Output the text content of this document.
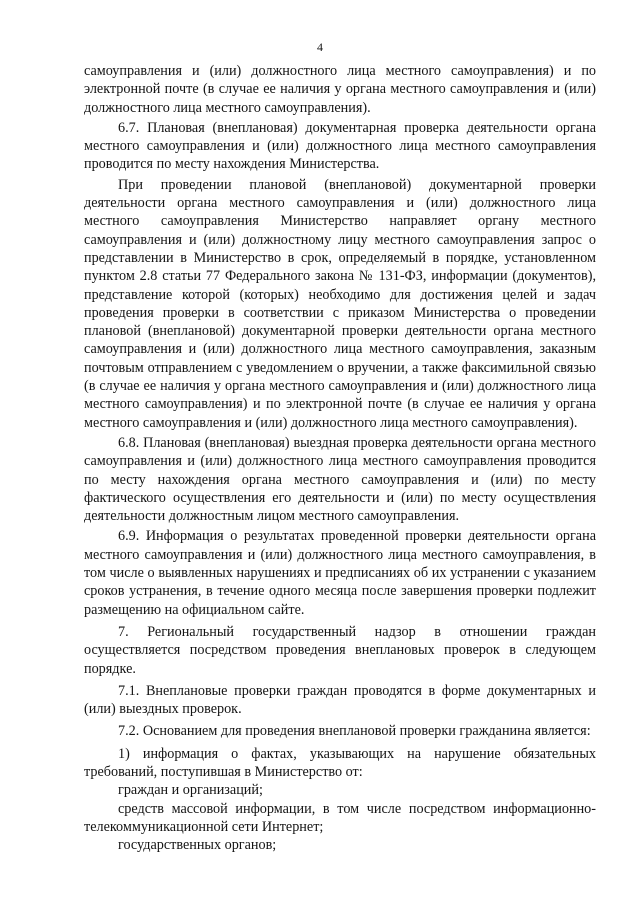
4

самоуправления и (или) должностного лица местного самоуправления) и по электронной почте (в случае ее наличия у органа местного самоуправления и (или) должностного лица местного самоуправления).

6.7. Плановая (внеплановая) документарная проверка деятельности органа местного самоуправления и (или) должностного лица местного самоуправления проводится по месту нахождения Министерства.

При проведении плановой (внеплановой) документарной проверки деятельности органа местного самоуправления и (или) должностного лица местного самоуправления Министерство направляет органу местного самоуправления и (или) должностному лицу местного самоуправления запрос о представлении в Министерство в срок, определяемый в порядке, установленном пунктом 2.8 статьи 77 Федерального закона № 131-ФЗ, информации (документов), представление которой (которых) необходимо для достижения целей и задач проведения проверки в соответствии с приказом Министерства о проведении плановой (внеплановой) документарной проверки деятельности органа местного самоуправления и (или) должностного лица местного самоуправления, заказным почтовым отправлением с уведомлением о вручении, а также факсимильной связью (в случае ее наличия у органа местного самоуправления и (или) должностного лица местного самоуправления) и по электронной почте (в случае ее наличия у органа местного самоуправления и (или) должностного лица местного самоуправления).

6.8. Плановая (внеплановая) выездная проверка деятельности органа местного самоуправления и (или) должностного лица местного самоуправления проводится по месту нахождения органа местного самоуправления и (или) по месту фактического осуществления его деятельности и (или) по месту осуществления деятельности должностным лицом местного самоуправления.

6.9. Информация о результатах проведенной проверки деятельности органа местного самоуправления и (или) должностного лица местного самоуправления, в том числе о выявленных нарушениях и предписаниях об их устранении с указанием сроков устранения, в течение одного месяца после завершения проверки подлежит размещению на официальном сайте.

7. Региональный государственный надзор в отношении граждан осуществляется посредством проведения внеплановых проверок в следующем порядке.

7.1. Внеплановые проверки граждан проводятся в форме документарных и (или) выездных проверок.

7.2. Основанием для проведения внеплановой проверки гражданина является:

1) информация о фактах, указывающих на нарушение обязательных требований, поступившая в Министерство от:

граждан и организаций;

средств массовой информации, в том числе посредством информационно-телекоммуникационной сети Интернет;

государственных органов;
